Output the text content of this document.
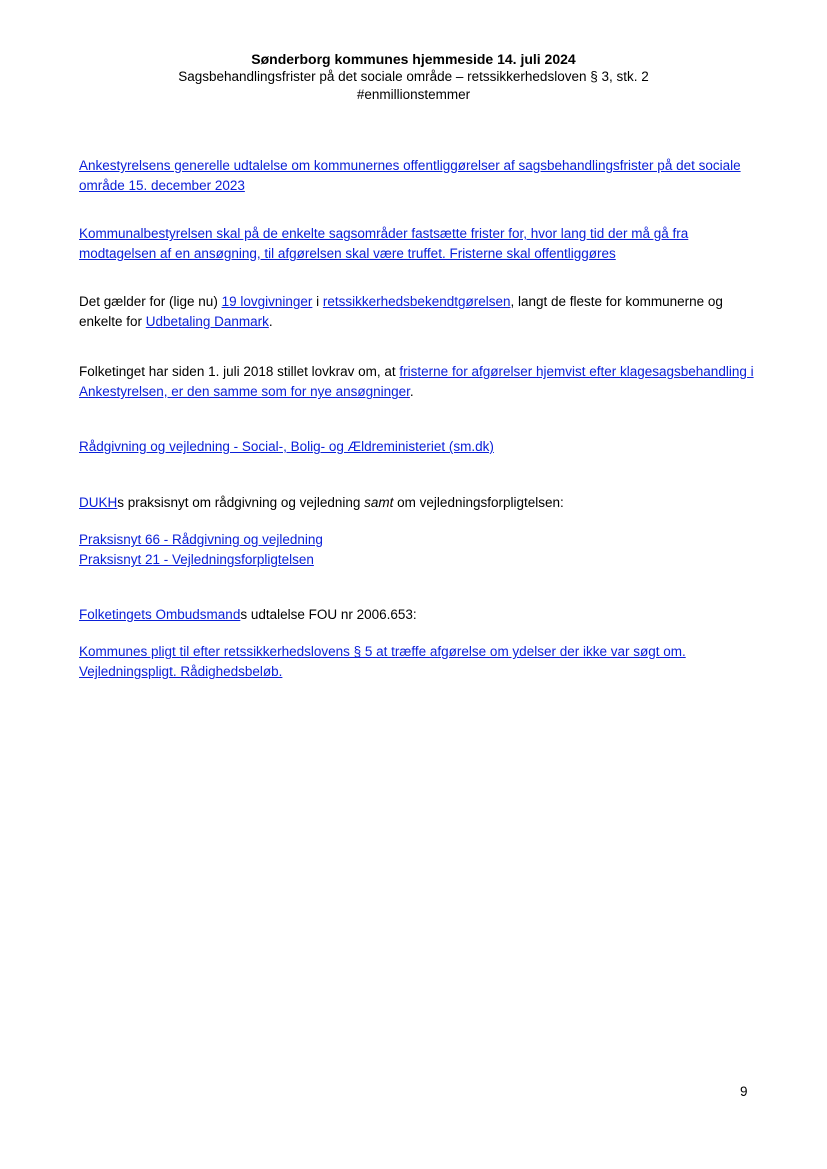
Sønderborg kommunes hjemmeside 14. juli 2024
Sagsbehandlingsfrister på det sociale område – retssikkerhedsloven § 3, stk. 2
#enmillionstemmer
Ankestyrelsens generelle udtalelse om kommunernes offentliggørelser af sagsbehandlingsfrister på det sociale område 15. december 2023
Kommunalbestyrelsen skal på de enkelte sagsområder fastsætte frister for, hvor lang tid der må gå fra modtagelsen af en ansøgning, til afgørelsen skal være truffet. Fristerne skal offentliggøres
Det gælder for (lige nu) 19 lovgivninger i retssikkerhedsbekendtgørelsen, langt de fleste for kommunerne og enkelte for Udbetaling Danmark.
Folketinget har siden 1. juli 2018 stillet lovkrav om, at fristerne for afgørelser hjemvist efter klagesagsbehandling i Ankestyrelsen, er den samme som for nye ansøgninger.
Rådgivning og vejledning - Social-, Bolig- og Ældreministeriet (sm.dk)
DUKHs praksisnyt om rådgivning og vejledning samt om vejledningsforpligtelsen:
Praksisnyt 66 - Rådgivning og vejledning
Praksisnyt 21 - Vejledningsforpligtelsen
Folketingets Ombudsmands udtalelse FOU nr 2006.653:
Kommunes pligt til efter retssikkerhedslovens § 5 at træffe afgørelse om ydelser der ikke var søgt om. Vejledningspligt. Rådighedsbeløb.
9
